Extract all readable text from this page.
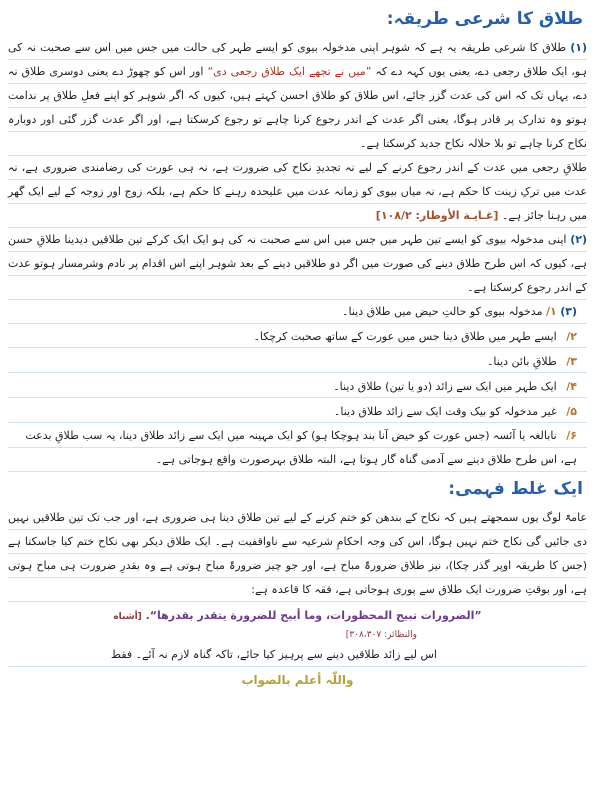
طلاق کا شرعی طریقہ:

(۱) طلاق کا شرعی طریقہ یہ ہے کہ شوہر اپنی مدخولہ بیوی کو ایسے طہر کی حالت میں جس میں اس سے صحبت نہ کی ہو، ایک طلاق رجعی دے، یعنی یوں کہہ دے کہ ”میں نے تجھے ایک طلاق رجعی دی“ اور اس کو چھوڑ دے یعنی دوسری طلاق نہ دے، یہاں تک کہ اس کی عدت گزر جائے، اس طلاق کو طلاق احسن کہتے ہیں، کیوں کہ اگر شوہر کو اپنے فعلِ طلاق پر ندامت ہوتو وہ تدارک پر قادر ہوگا، یعنی اگر عدت کے اندر رجوع کرنا چاہے تو رجوع کرسکتا ہے، اور اگر عدت گزر گئی اور دوبارہ نکاح کرنا چاہے تو بلا حلالہ نکاح جدید کرسکتا ہے۔

طلاقِ رجعی میں عدت کے اندر رجوع کرنے کے لیے نہ تجدیدِ نکاح کی ضرورت ہے، نہ ہی عورت کی رضامندی ضروری ہے، نہ عدت میں ترکِ زینت کا حکم ہے، نہ میاں بیوی کو زمانہ عدت میں علیحدہ رہنے کا حکم ہے، بلکہ زوج اور زوجہ کے لیے ایک گھر میں رہنا جائز ہے۔ [غـایـة الأوطار: ۱۰۸/۲]

(۲) اپنی مدخولہ بیوی کو ایسے تین طہر میں جس میں اس سے صحبت نہ کی ہو ایک ایک کرکے تین طلاقیں دیدینا طلاقِ حسن ہے، کیوں کہ اس طرح طلاق دینے کی صورت میں اگر دو طلاقیں دینے کے بعد شوہر اپنے اس اقدام پر نادم وشرمسار ہوتو عدت کے اندر رجوع کرسکتا ہے۔

(۳) ۱/ مدخولہ بیوی کو حالتِ حیض میں طلاق دینا۔
۲/ ایسے طہر میں طلاق دینا جس میں عورت کے ساتھ صحبت کرچکا۔
۳/ طلاقِ بائن دینا۔
۴/ ایک طہر میں ایک سے زائد (دو یا تین) طلاق دینا۔
۵/ غیر مدخولہ کو بیک وقت ایک سے زائد طلاق دینا۔
۶/ نابالغہ یا آئسہ (جس عورت کو حیض آنا بند ہوچکا ہو) کو ایک مہینہ میں ایک سے زائد طلاق دینا، یہ سب طلاقِ بدعت ہے، اس طرح طلاق دینے سے آدمی گناہ گار ہوتا ہے، البتہ طلاق بہرصورت واقع ہوجاتی ہے۔
ایک غلط فہمی:

عامۃً لوگ یوں سمجھتے ہیں کہ نکاح کے بندھن کو ختم کرنے کے لیے تین طلاق دینا ہی ضروری ہے، اور جب تک تین طلاقیں نہیں دی جائیں گی نکاح ختم نہیں ہوگا، اس کی وجہ احکامِ شرعیہ سے ناواقفیت ہے۔ ایک طلاق دیکر بھی نکاح ختم کیا جاسکتا ہے (جس کا طریقہ اوپر گذر چکا)، نیز طلاق ضرورۃً مباح ہے، اور جو چیز ضرورۃً مباح ہوتی ہے وہ بقدرِ ضرورت ہی مباح ہوتی ہے، اور بوقتِ ضرورت ایک طلاق سے پوری ہوجاتی ہے، فقہ کا قاعدہ ہے:

”الضرورات تبیح المحظورات، وما أبیح للضرورة یتقدر بقدرها“. [أشباه
والنظائر: ۳۰۸،۳۰۷]
اس لیے زائد طلاقیں دینے سے پرہیز کیا جائے، تاکہ گناہ لازم نہ آئے۔ فقط
واللّٰہ أعلم بالصواب
